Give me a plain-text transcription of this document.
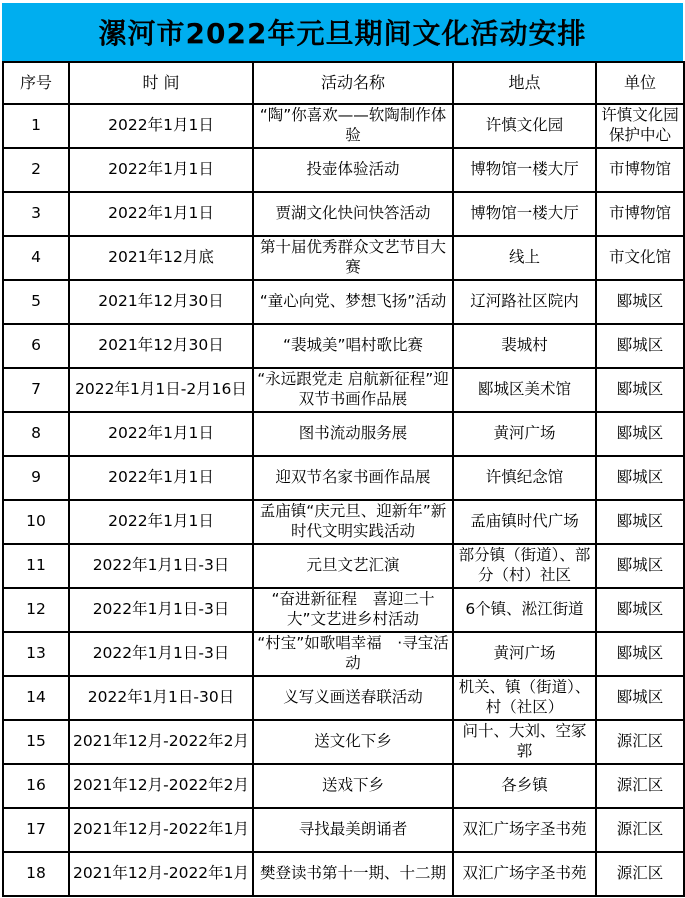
漯河市2022年元旦期间文化活动安排
序号	时 间	活动名称	地点	单位
1	2022年1月1日	“陶”你喜欢——软陶制作体验	许慎文化园	许慎文化园保护中心
2	2022年1月1日	投壶体验活动	博物馆一楼大厅	市博物馆
3	2022年1月1日	贾湖文化快问快答活动	博物馆一楼大厅	市博物馆
4	2021年12月底	第十届优秀群众文艺节目大赛	线上	市文化馆
5	2021年12月30日	“童心向党、梦想飞扬”活动	辽河路社区院内	郾城区
6	2021年12月30日	“裴城美”唱村歌比赛	裴城村	郾城区
7	2022年1月1日-2月16日	“永远跟党走 启航新征程”迎双节书画作品展	郾城区美术馆	郾城区
8	2022年1月1日	图书流动服务展	黄河广场	郾城区
9	2022年1月1日	迎双节名家书画作品展	许慎纪念馆	郾城区
10	2022年1月1日	孟庙镇“庆元旦、迎新年”新时代文明实践活动	孟庙镇时代广场	郾城区
11	2022年1月1日-3日	元旦文艺汇演	部分镇（街道）、部分（村）社区	郾城区
12	2022年1月1日-3日	“奋进新征程　喜迎二十大”文艺进乡村活动	6个镇、淞江街道	郾城区
13	2022年1月1日-3日	“村宝”如歌唱幸福　·寻宝活动	黄河广场	郾城区
14	2022年1月1日-30日	义写义画送春联活动	机关、镇（街道）、村（社区）	郾城区
15	2021年12月-2022年2月	送文化下乡	问十、大刘、空冢郭	源汇区
16	2021年12月-2022年2月	送戏下乡	各乡镇	源汇区
17	2021年12月-2022年1月	寻找最美朗诵者	双汇广场字圣书苑	源汇区
18	2021年12月-2022年1月	樊登读书第十一期、十二期	双汇广场字圣书苑	源汇区
